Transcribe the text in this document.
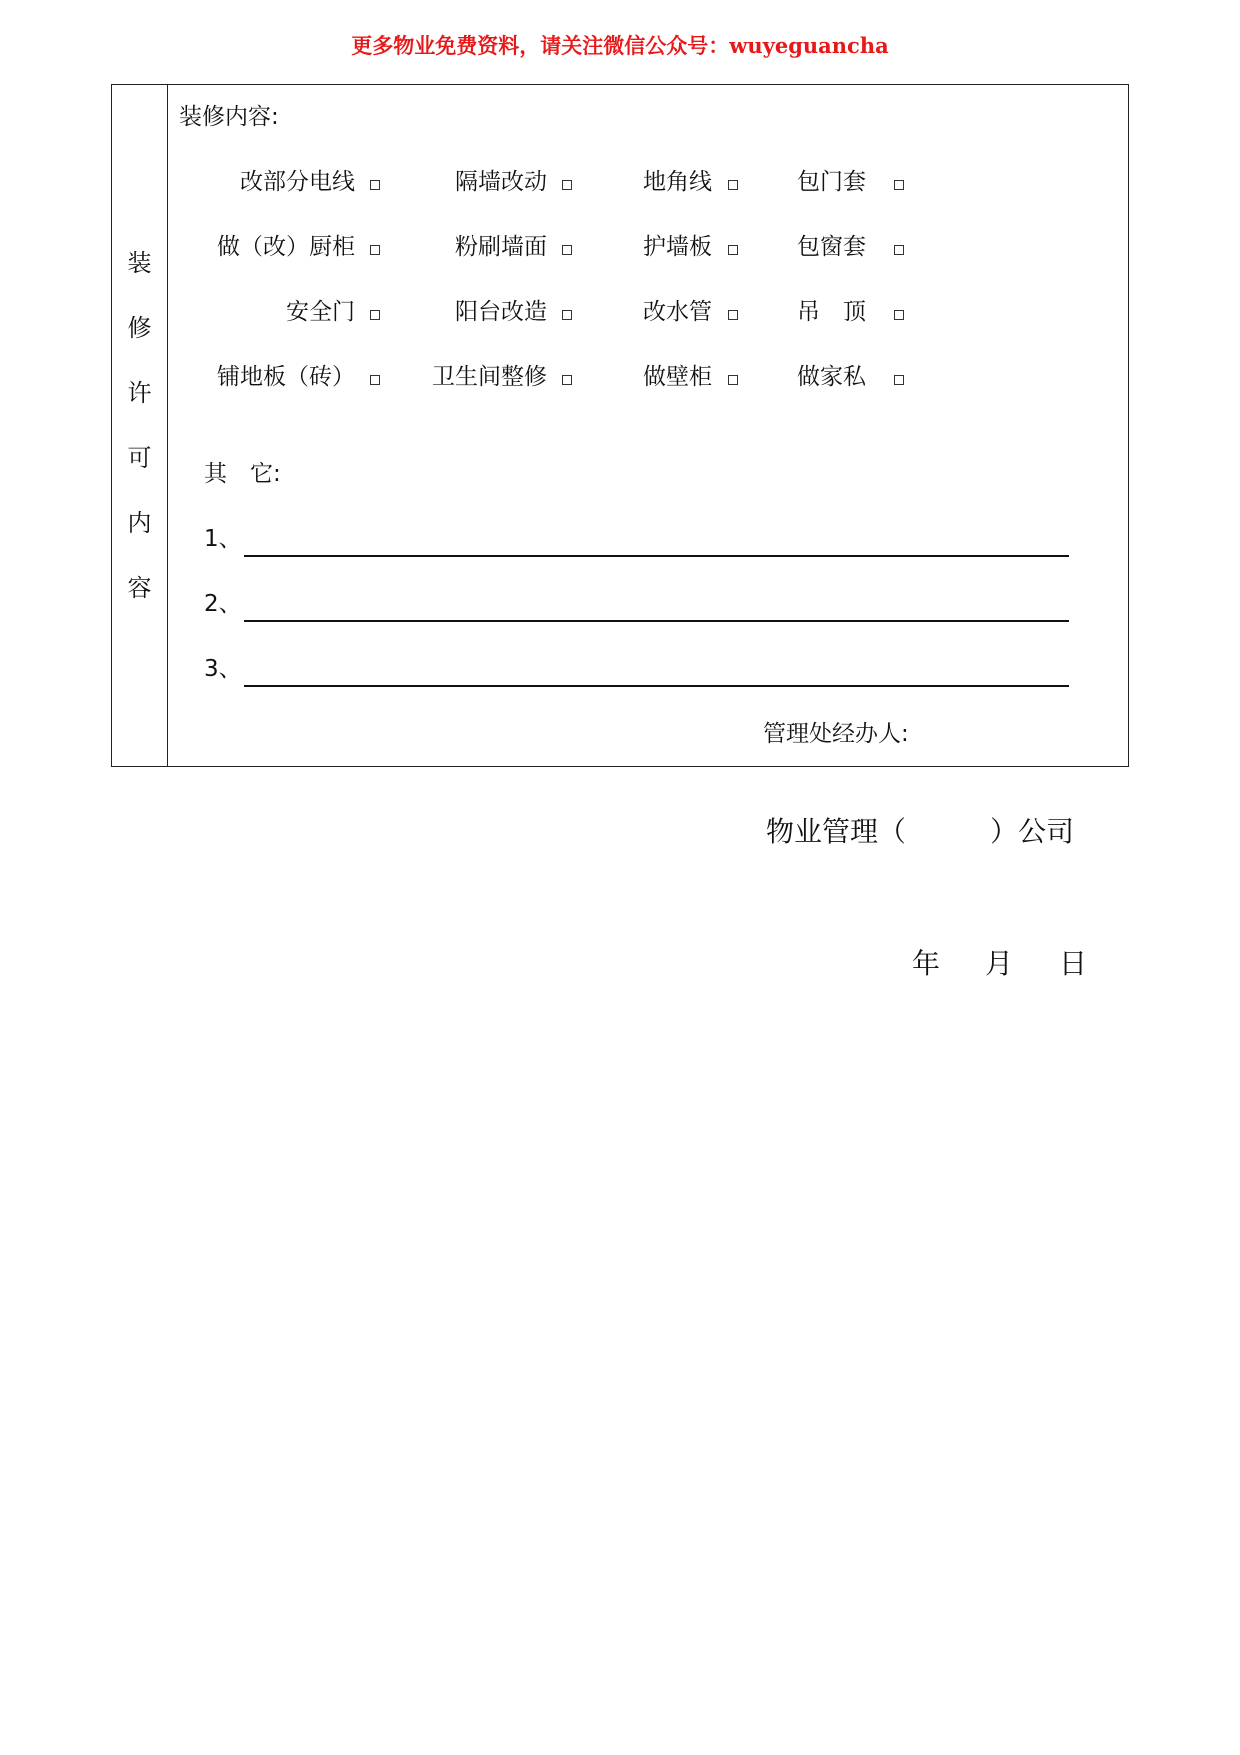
更多物业免费资料，请关注微信公众号：wuyeguancha
装
修
许
可
内
容
装修内容:
改部分电线	隔墙改动	地角线	包门套
做（改）厨柜	粉刷墙面	护墙板	包窗套
安全门	阳台改造	改水管	吊　顶
铺地板（砖）	卫生间整修	做壁柜	做家私
其　它:
1、
2、
3、
管理处经办人:
物业管理（　　　）公司
年 月 日
